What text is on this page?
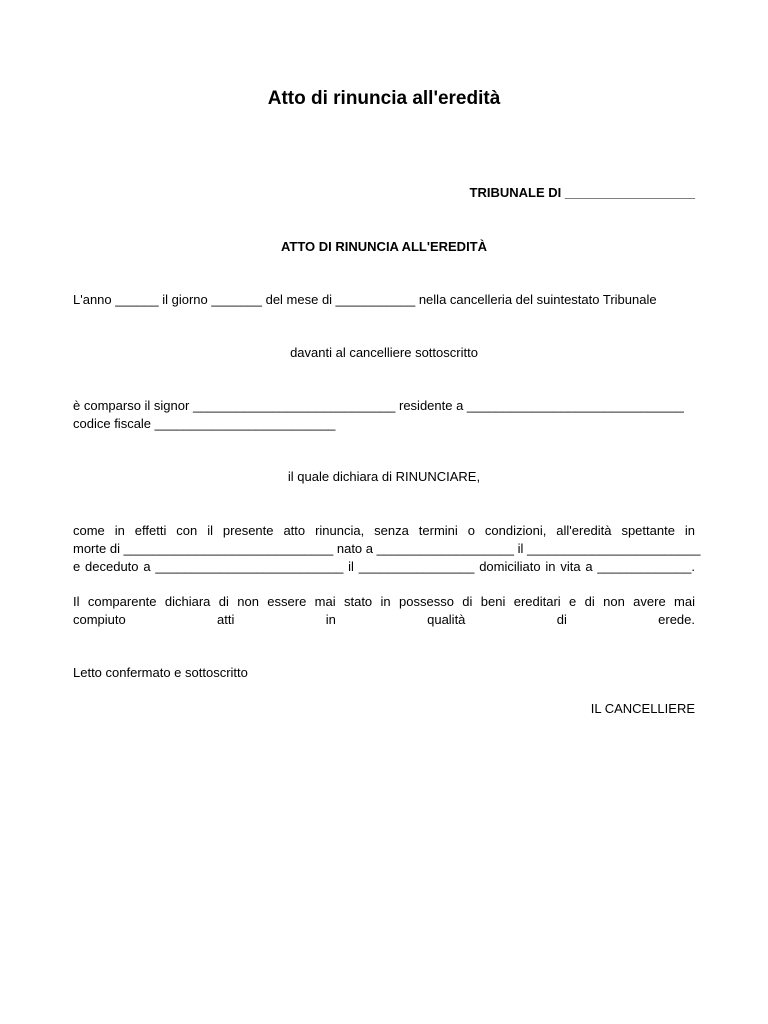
Atto di rinuncia all'eredità
TRIBUNALE DI __________________
ATTO DI RINUNCIA ALL'EREDITÀ
L'anno ______ il giorno _______ del mese di ___________ nella cancelleria del suintestato Tribunale
davanti al cancelliere sottoscritto
è comparso il signor ____________________________ residente a ______________________________
codice fiscale _________________________
il quale dichiara di RINUNCIARE,
come in effetti con il presente atto rinuncia, senza termini o condizioni, all'eredità spettante in
morte di _____________________________ nato a ___________________ il ________________________
e deceduto a __________________________ il ________________ domiciliato in vita a _____________.
Il comparente dichiara di non essere mai stato in possesso di beni ereditari e di non avere mai
compiuto atti in qualità di erede.
Letto confermato e sottoscritto
IL CANCELLIERE
